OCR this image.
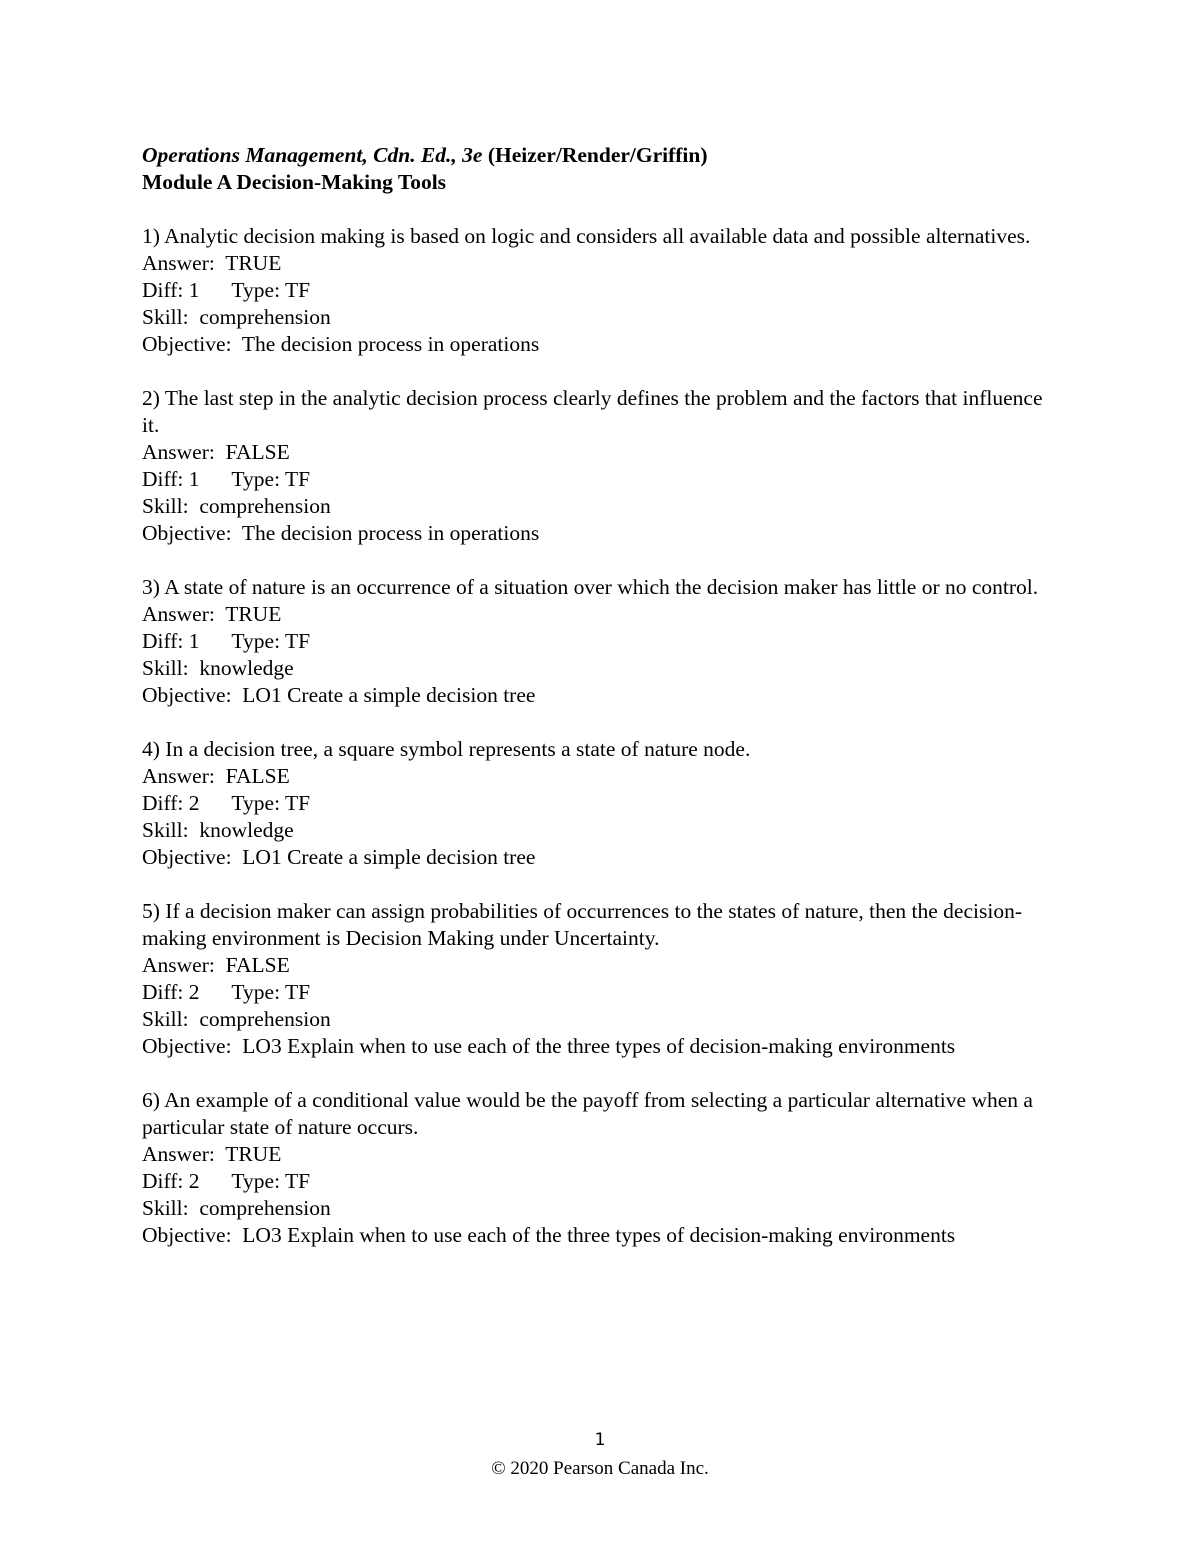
Operations Management, Cdn. Ed., 3e (Heizer/Render/Griffin)
Module A Decision-Making Tools

1) Analytic decision making is based on logic and considers all available data and possible alternatives.

Answer:  TRUE
Diff: 1      Type: TF
Skill:  comprehension
Objective:  The decision process in operations

2) The last step in the analytic decision process clearly defines the problem and the factors that influence it.

Answer:  FALSE
Diff: 1      Type: TF
Skill:  comprehension
Objective:  The decision process in operations

3) A state of nature is an occurrence of a situation over which the decision maker has little or no control.

Answer:  TRUE
Diff: 1      Type: TF
Skill:  knowledge
Objective:  LO1 Create a simple decision tree

4) In a decision tree, a square symbol represents a state of nature node.

Answer:  FALSE
Diff: 2      Type: TF
Skill:  knowledge
Objective:  LO1 Create a simple decision tree

5) If a decision maker can assign probabilities of occurrences to the states of nature, then the decision-making environment is Decision Making under Uncertainty.

Answer:  FALSE
Diff: 2      Type: TF
Skill:  comprehension
Objective:  LO3 Explain when to use each of the three types of decision-making environments

6) An example of a conditional value would be the payoff from selecting a particular alternative when a particular state of nature occurs.

Answer:  TRUE
Diff: 2      Type: TF
Skill:  comprehension
Objective:  LO3 Explain when to use each of the three types of decision-making environments
1
© 2020 Pearson Canada Inc.
